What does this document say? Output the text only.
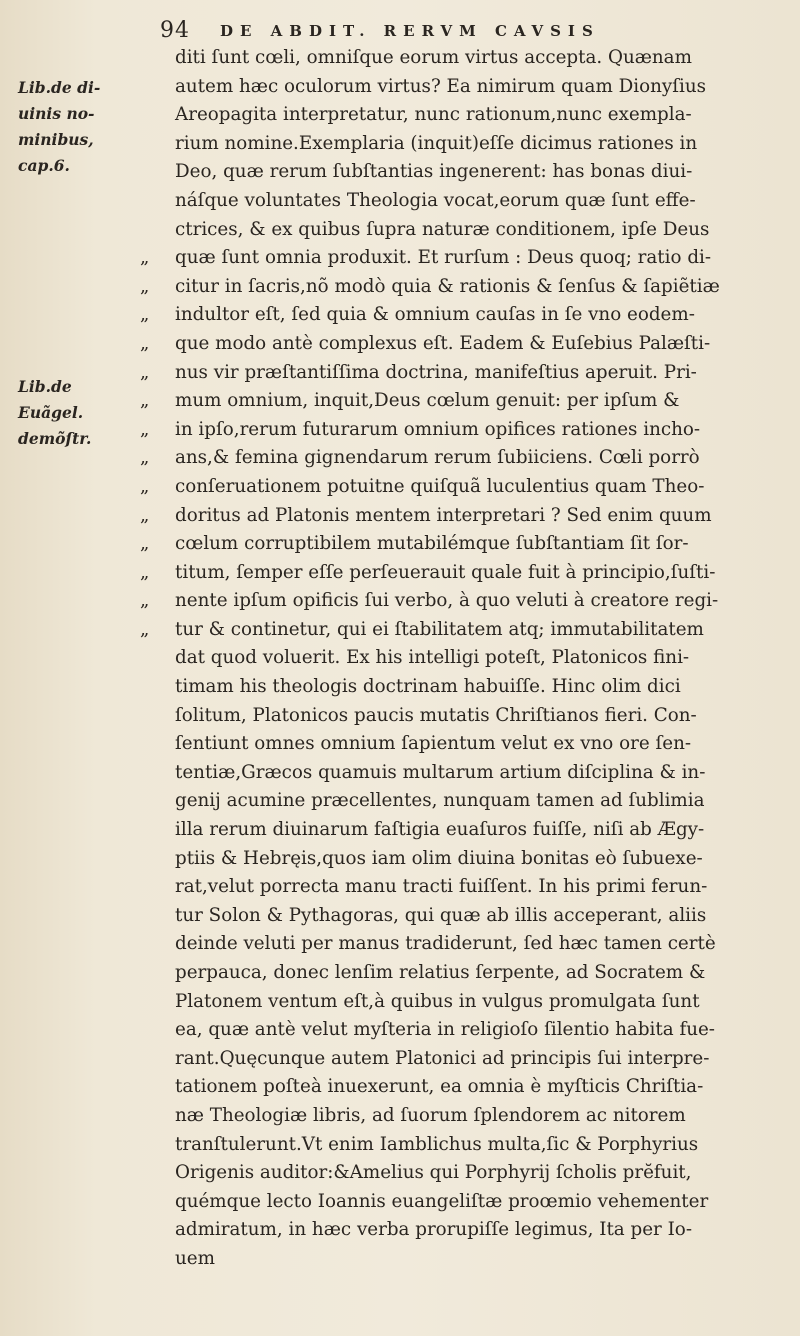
94 DE ABDIT. RERVM CAVSIS
Lib.de di-
uinis no-
minibus,
cap.6.
Lib.de
Euãgel.
demõſtr.
diti ſunt cœli, omniſque eorum virtus accepta. Quænam
autem hæc oculorum virtus? Ea nimirum quam Dionyſius
Areopagita interpretatur, nunc rationum,nunc exempla-
rium nomine.Exemplaria (inquit)eſſe dicimus rationes in
Deo, quæ rerum ſubſtantias ingenerent: has bonas diui-
náſque voluntates Theologia vocat,eorum quæ ſunt effe-
ctrices, & ex quibus ſupra naturæ conditionem, ipſe Deus
„	quæ ſunt omnia produxit. Et rurſum : Deus quoq; ratio di-
„	citur in ſacris,nõ modò quia & rationis & ſenſus & ſapiẽtiæ
„	indultor eſt, ſed quia & omnium cauſas in ſe vno eodem-
„	que modo antè complexus eſt. Eadem & Euſebius Palæſti-
„	nus vir præſtantiſſima doctrina, manifeſtius aperuit. Pri-
„	mum omnium, inquit,Deus cœlum genuit: per ipſum &
„	in ipſo,rerum futurarum omnium opifices rationes incho-
„	ans,& femina gignendarum rerum ſubiiciens. Cœli porrò
„	conſeruationem potuitne quiſquã luculentius quam Theo-
„	doritus ad Platonis mentem interpretari ? Sed enim quum
„	cœlum corruptibilem mutabilémque ſubſtantiam ſit ſor-
„	titum, ſemper eſſe perſeuerauit quale fuit à principio,ſuſti-
„	nente ipſum opificis ſui verbo, à quo veluti à creatore regi-
„	tur & continetur, qui ei ſtabilitatem atq; immutabilitatem
dat quod voluerit. Ex his intelligi poteſt, Platonicos fini-
timam his theologis doctrinam habuiſſe. Hinc olim dici
ſolitum, Platonicos paucis mutatis Chriſtianos fieri. Con-
ſentiunt omnes omnium ſapientum velut ex vno ore ſen-
tentiæ,Græcos quamuis multarum artium diſciplina & in-
genij acumine præcellentes, nunquam tamen ad ſublimia
illa rerum diuinarum faſtigia euaſuros fuiſſe, niſi ab Ægy-
ptiis & Hebręis,quos iam olim diuina bonitas eò ſubuexe-
rat,velut porrecta manu tracti fuiſſent. In his primi ferun-
tur Solon & Pythagoras, qui quæ ab illis acceperant, aliis
deinde veluti per manus tradiderunt, ſed hæc tamen certè
perpauca, donec lenſim relatius ſerpente, ad Socratem &
Platonem ventum eſt,à quibus in vulgus promulgata ſunt
ea, quæ antè velut myſteria in religioſo ſilentio habita fue-
rant.Quęcunque autem Platonici ad principis ſui interpre-
tationem poſteà inuexerunt, ea omnia è myſticis Chriſtia-
næ Theologiæ libris, ad ſuorum ſplendorem ac nitorem
tranſtulerunt.Vt enim Iamblichus multa,ſic & Porphyrius
Origenis auditor:&Amelius qui Porphyrij ſcholis prĕfuit,
quémque lecto Ioannis euangeliſtæ proœmio vehementer
admiratum, in hæc verba prorupiſſe legimus, Ita per Io-
uem
